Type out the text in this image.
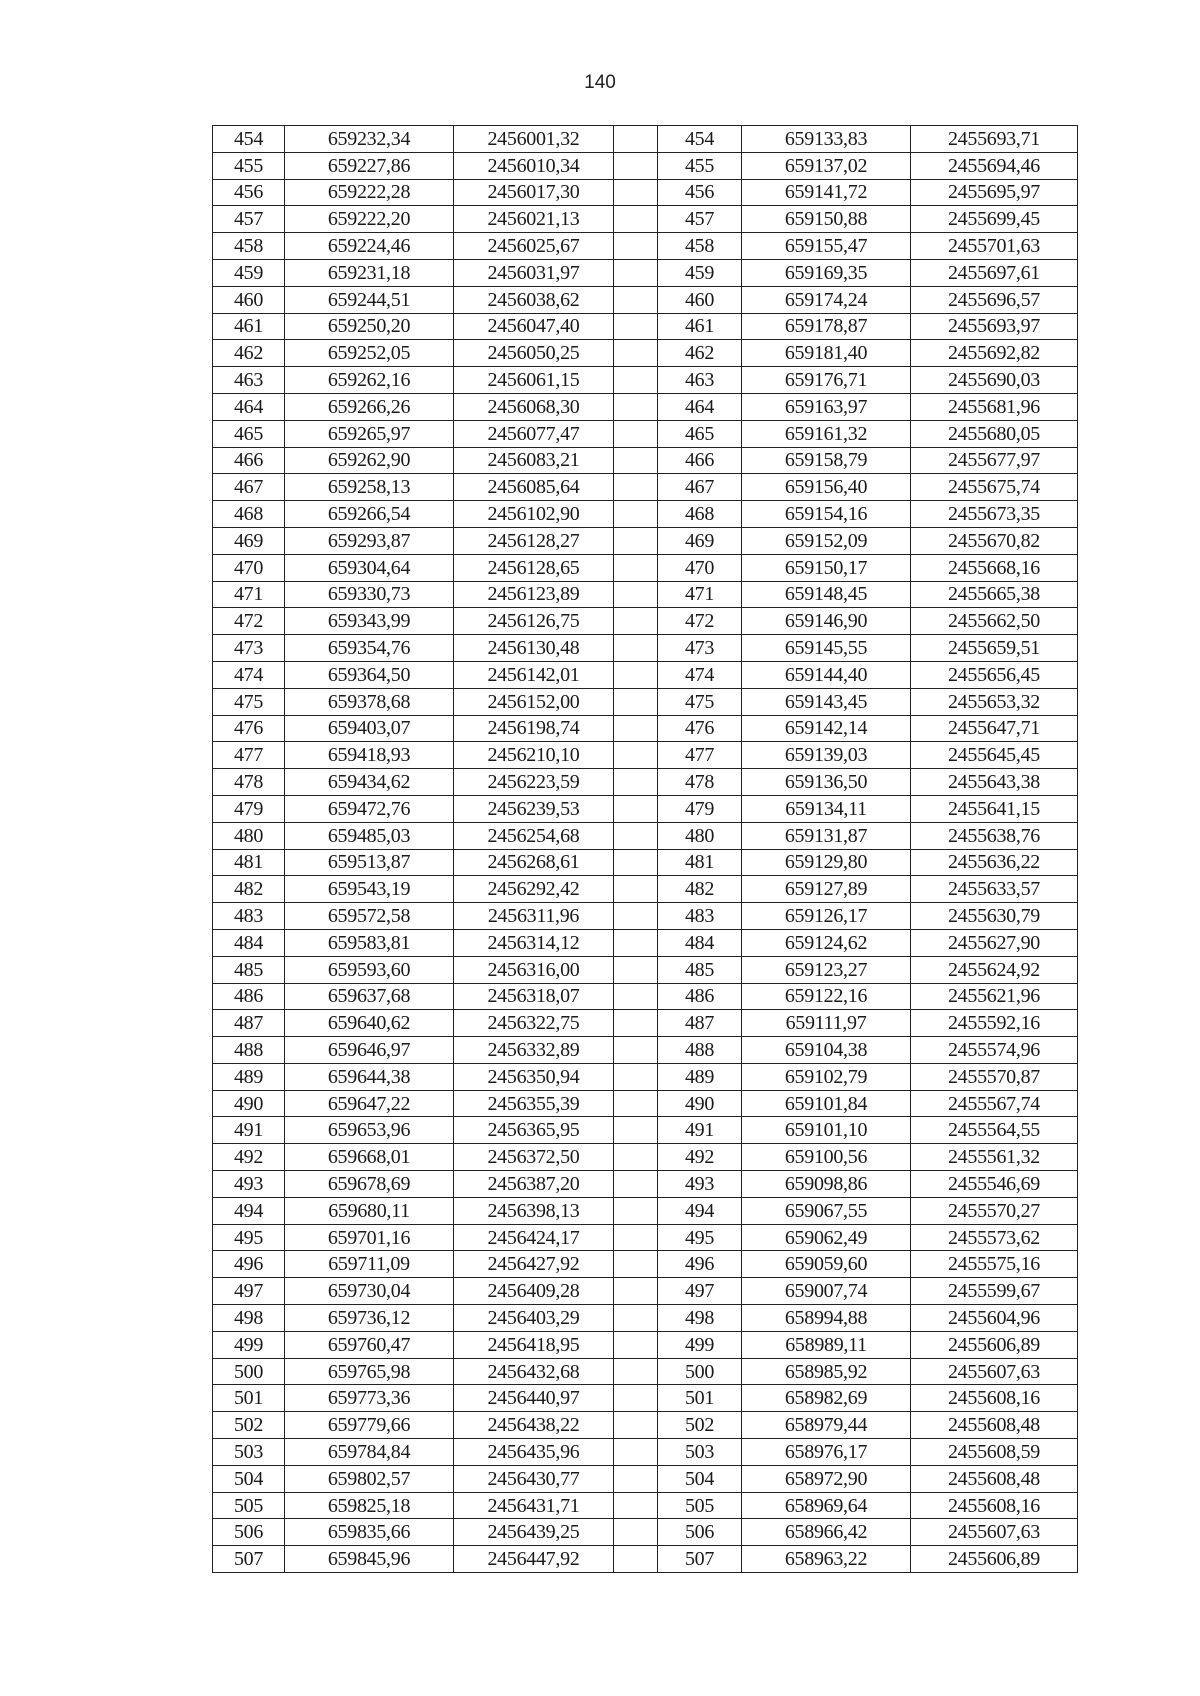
140
454	659232,34	2456001,32		454	659133,83	2455693,71
455	659227,86	2456010,34		455	659137,02	2455694,46
456	659222,28	2456017,30		456	659141,72	2455695,97
457	659222,20	2456021,13		457	659150,88	2455699,45
458	659224,46	2456025,67		458	659155,47	2455701,63
459	659231,18	2456031,97		459	659169,35	2455697,61
460	659244,51	2456038,62		460	659174,24	2455696,57
461	659250,20	2456047,40		461	659178,87	2455693,97
462	659252,05	2456050,25		462	659181,40	2455692,82
463	659262,16	2456061,15		463	659176,71	2455690,03
464	659266,26	2456068,30		464	659163,97	2455681,96
465	659265,97	2456077,47		465	659161,32	2455680,05
466	659262,90	2456083,21		466	659158,79	2455677,97
467	659258,13	2456085,64		467	659156,40	2455675,74
468	659266,54	2456102,90		468	659154,16	2455673,35
469	659293,87	2456128,27		469	659152,09	2455670,82
470	659304,64	2456128,65		470	659150,17	2455668,16
471	659330,73	2456123,89		471	659148,45	2455665,38
472	659343,99	2456126,75		472	659146,90	2455662,50
473	659354,76	2456130,48		473	659145,55	2455659,51
474	659364,50	2456142,01		474	659144,40	2455656,45
475	659378,68	2456152,00		475	659143,45	2455653,32
476	659403,07	2456198,74		476	659142,14	2455647,71
477	659418,93	2456210,10		477	659139,03	2455645,45
478	659434,62	2456223,59		478	659136,50	2455643,38
479	659472,76	2456239,53		479	659134,11	2455641,15
480	659485,03	2456254,68		480	659131,87	2455638,76
481	659513,87	2456268,61		481	659129,80	2455636,22
482	659543,19	2456292,42		482	659127,89	2455633,57
483	659572,58	2456311,96		483	659126,17	2455630,79
484	659583,81	2456314,12		484	659124,62	2455627,90
485	659593,60	2456316,00		485	659123,27	2455624,92
486	659637,68	2456318,07		486	659122,16	2455621,96
487	659640,62	2456322,75		487	659111,97	2455592,16
488	659646,97	2456332,89		488	659104,38	2455574,96
489	659644,38	2456350,94		489	659102,79	2455570,87
490	659647,22	2456355,39		490	659101,84	2455567,74
491	659653,96	2456365,95		491	659101,10	2455564,55
492	659668,01	2456372,50		492	659100,56	2455561,32
493	659678,69	2456387,20		493	659098,86	2455546,69
494	659680,11	2456398,13		494	659067,55	2455570,27
495	659701,16	2456424,17		495	659062,49	2455573,62
496	659711,09	2456427,92		496	659059,60	2455575,16
497	659730,04	2456409,28		497	659007,74	2455599,67
498	659736,12	2456403,29		498	658994,88	2455604,96
499	659760,47	2456418,95		499	658989,11	2455606,89
500	659765,98	2456432,68		500	658985,92	2455607,63
501	659773,36	2456440,97		501	658982,69	2455608,16
502	659779,66	2456438,22		502	658979,44	2455608,48
503	659784,84	2456435,96		503	658976,17	2455608,59
504	659802,57	2456430,77		504	658972,90	2455608,48
505	659825,18	2456431,71		505	658969,64	2455608,16
506	659835,66	2456439,25		506	658966,42	2455607,63
507	659845,96	2456447,92		507	658963,22	2455606,89
